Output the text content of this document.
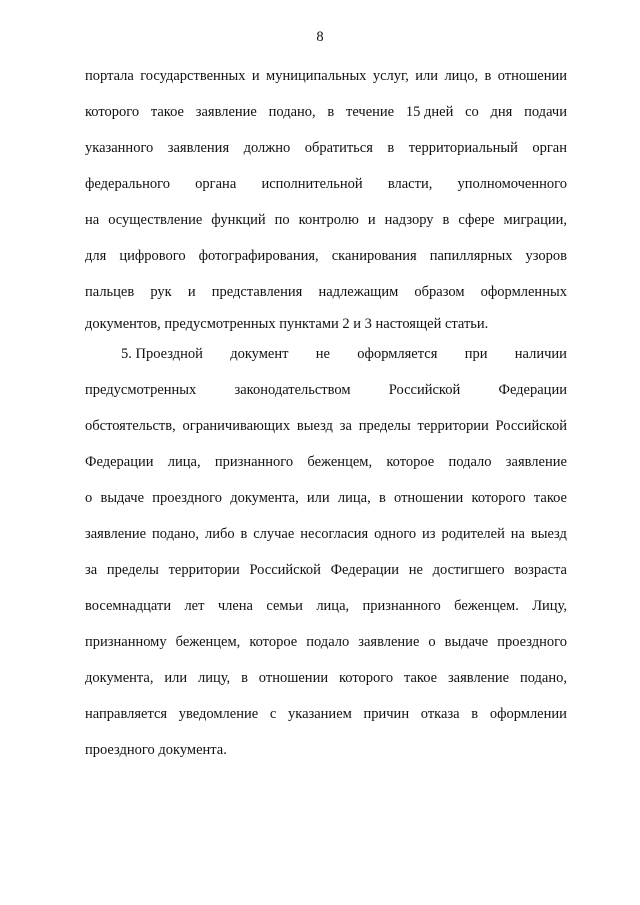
8
портала государственных и муниципальных услуг, или лицо, в отношении
которого такое заявление подано, в течение 15 дней со дня подачи
указанного заявления должно обратиться в территориальный орган
федерального органа исполнительной власти, уполномоченного
на осуществление функций по контролю и надзору в сфере миграции,
для цифрового фотографирования, сканирования папиллярных узоров
пальцев рук и представления надлежащим образом оформленных
документов, предусмотренных пунктами 2 и 3 настоящей статьи.
5. Проездной документ не оформляется при наличии
предусмотренных	законодательством	Российской	Федерации
обстоятельств, ограничивающих выезд за пределы территории Российской
Федерации лица, признанного беженцем, которое подало заявление
о выдаче проездного документа, или лица, в отношении которого такое
заявление подано, либо в случае несогласия одного из родителей на выезд
за пределы территории Российской Федерации не достигшего возраста
восемнадцати лет члена семьи лица, признанного беженцем. Лицу,
признанному беженцем, которое подало заявление о выдаче проездного
документа, или лицу, в отношении которого такое заявление подано,
направляется уведомление с указанием причин отказа в оформлении
проездного документа.
